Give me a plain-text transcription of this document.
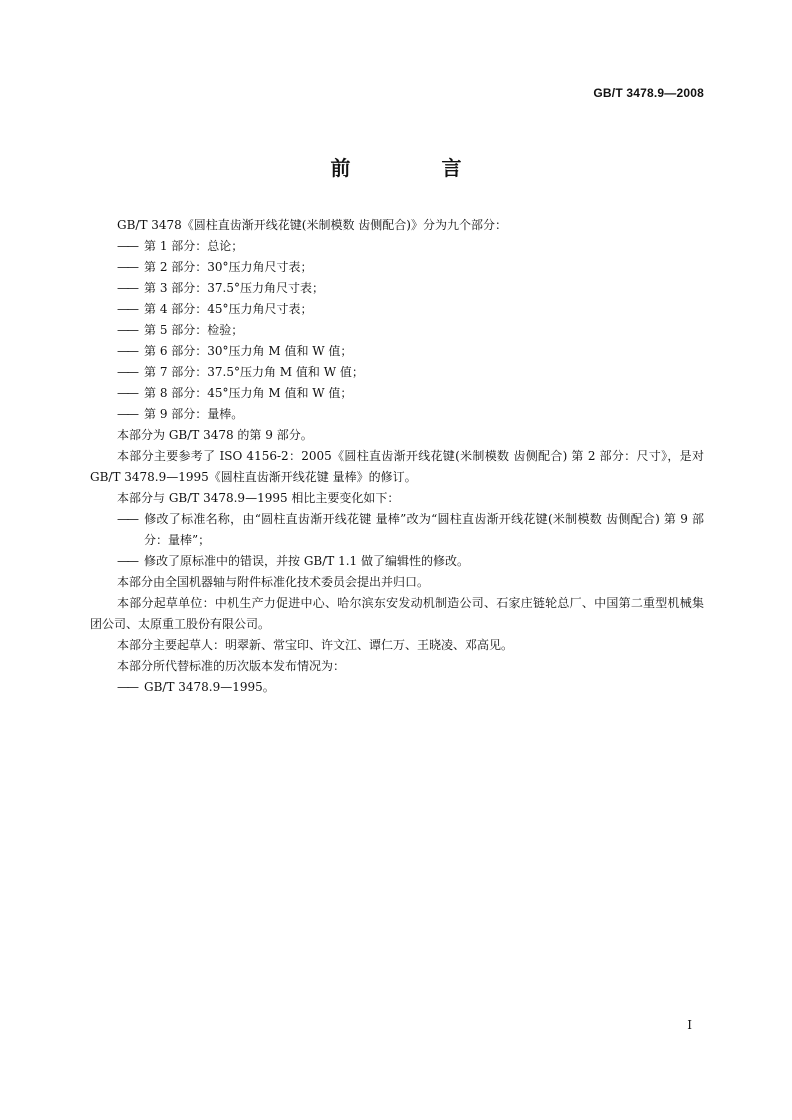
GB/T 3478.9—2008
前 言

GB/T 3478《圆柱直齿渐开线花键(米制模数 齿侧配合)》分为九个部分：

—— 第 1 部分：总论；
—— 第 2 部分：30°压力角尺寸表；
—— 第 3 部分：37.5°压力角尺寸表；
—— 第 4 部分：45°压力角尺寸表；
—— 第 5 部分：检验；
—— 第 6 部分：30°压力角 M 值和 W 值；
—— 第 7 部分：37.5°压力角 M 值和 W 值；
—— 第 8 部分：45°压力角 M 值和 W 值；
—— 第 9 部分：量棒。

本部分为 GB/T 3478 的第 9 部分。

本部分主要参考了 ISO 4156-2：2005《圆柱直齿渐开线花键(米制模数 齿侧配合) 第 2 部分：尺寸》，是对 GB/T 3478.9—1995《圆柱直齿渐开线花键 量棒》的修订。

本部分与 GB/T 3478.9—1995 相比主要变化如下：

—— 修改了标准名称，由“圆柱直齿渐开线花键 量棒”改为“圆柱直齿渐开线花键(米制模数 齿侧配合) 第 9 部分：量棒”；
—— 修改了原标准中的错误，并按 GB/T 1.1 做了编辑性的修改。

本部分由全国机器轴与附件标准化技术委员会提出并归口。

本部分起草单位：中机生产力促进中心、哈尔滨东安发动机制造公司、石家庄链轮总厂、中国第二重型机械集团公司、太原重工股份有限公司。

本部分主要起草人：明翠新、常宝印、许文江、谭仁万、王晓凌、邓高见。

本部分所代替标准的历次版本发布情况为：

—— GB/T 3478.9—1995。
I
